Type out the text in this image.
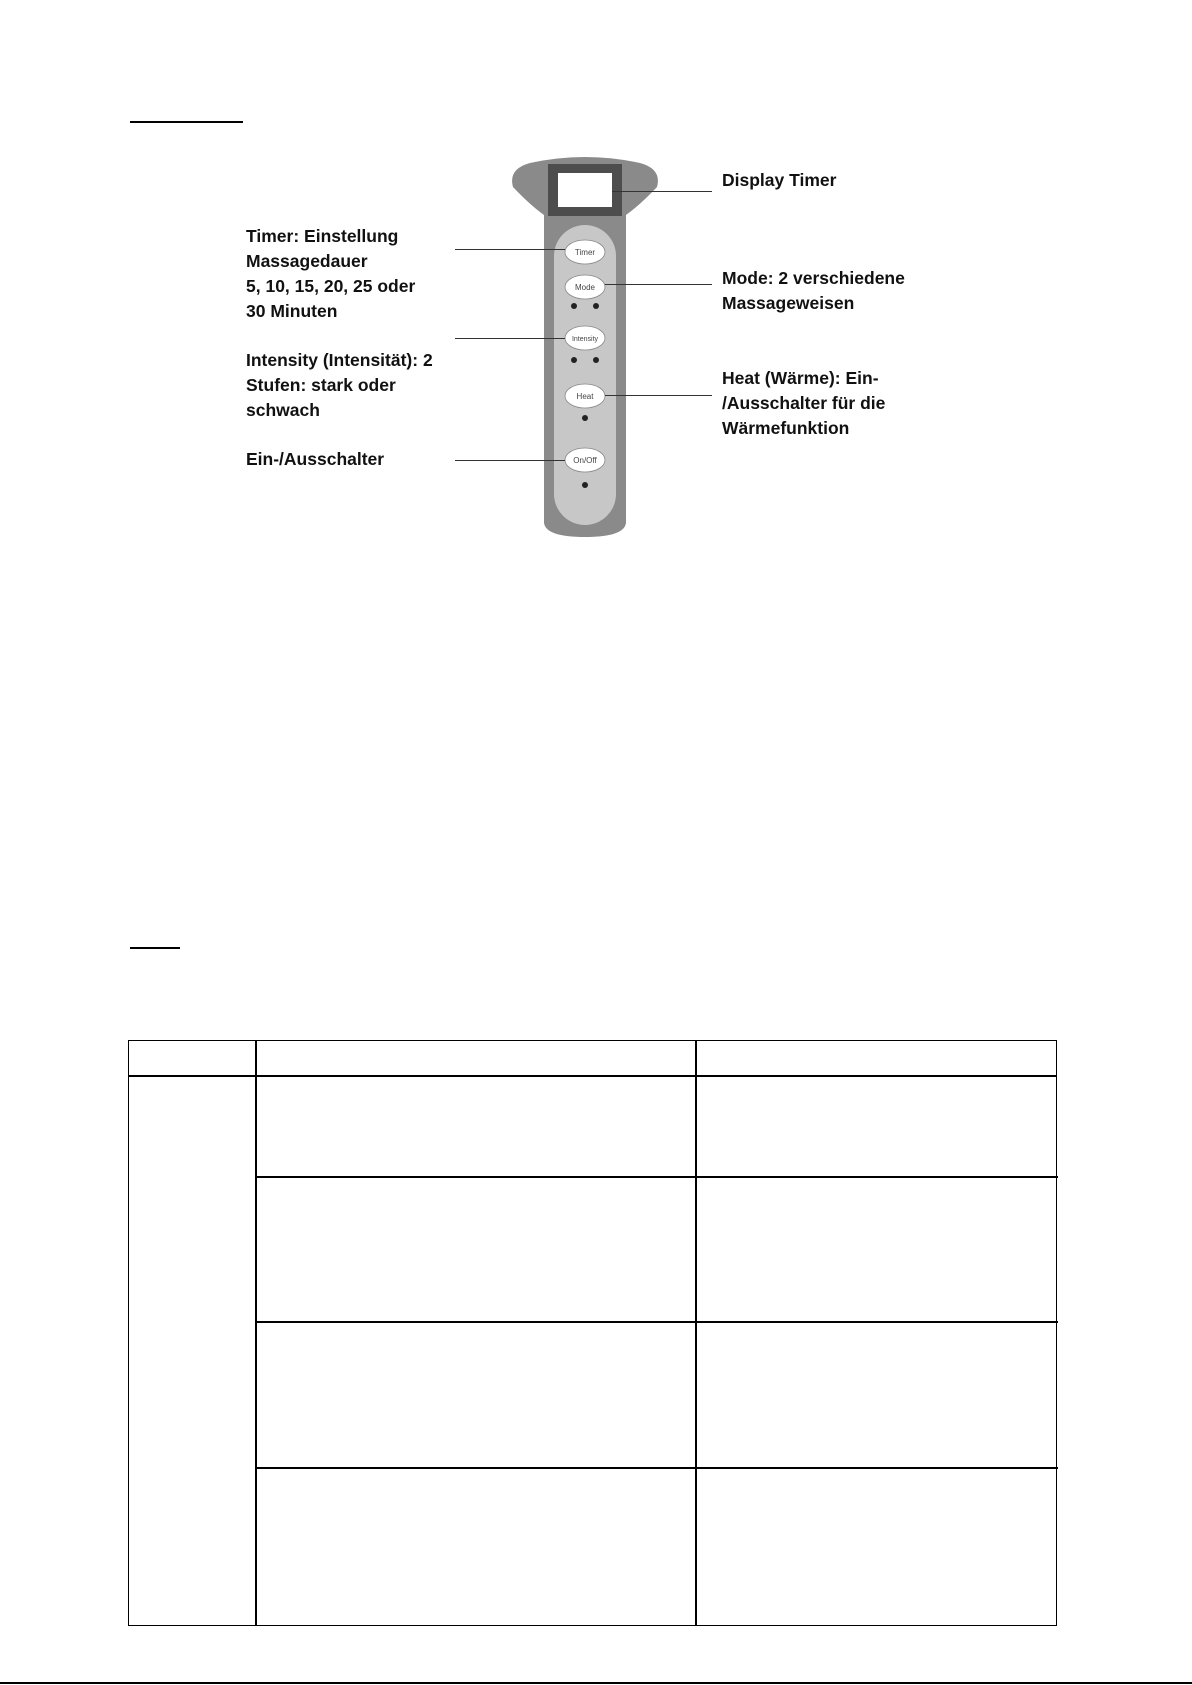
Timer
Mode
Intensity
Heat
On/Off
Display Timer
Timer: Einstellung
Massagedauer
5, 10, 15, 20, 25 oder
30 Minuten
Mode: 2 verschiedene
Massageweisen
Intensity (Intensität): 2
Stufen: stark oder
schwach
Heat (Wärme): Ein-
/Ausschalter für die
Wärmefunktion
Ein-/Ausschalter
